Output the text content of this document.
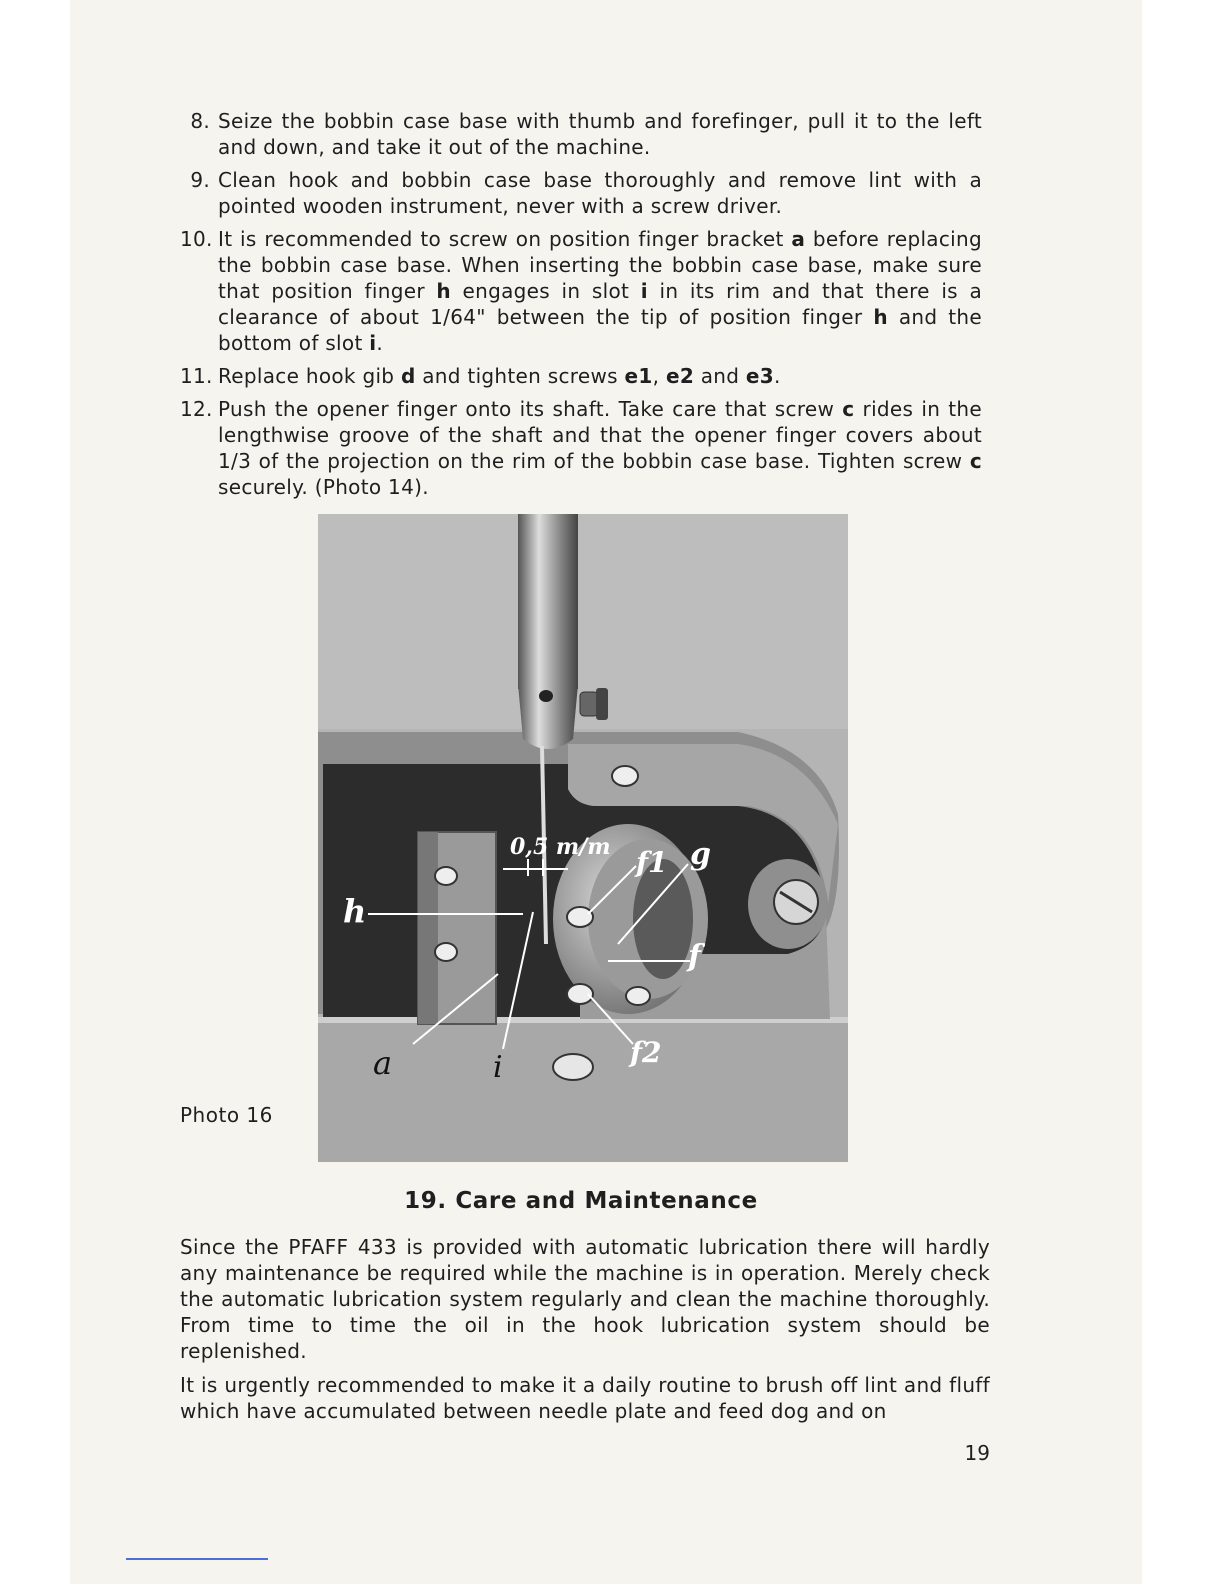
8. Seize the bobbin case base with thumb and forefinger, pull it to the left and down, and take it out of the machine.
9. Clean hook and bobbin case base thoroughly and remove lint with a pointed wooden instrument, never with a screw driver.
10. It is recommended to screw on position finger bracket a before replacing the bobbin case base. When inserting the bobbin case base, make sure that position finger h engages in slot i in its rim and that there is a clearance of about 1/64" between the tip of position finger h and the bottom of slot i.
11. Replace hook gib d and tighten screws e1, e2 and e3.
12. Push the opener finger onto its shaft. Take care that screw c rides in the lengthwise groove of the shaft and that the opener finger covers about 1/3 of the projection on the rim of the bobbin case base. Tighten screw c securely. (Photo 14).
0,5 m/m
h
f1 g
f
f2
a	i
Photo 16
19. Care and Maintenance

Since the PFAFF 433 is provided with automatic lubrication there will hardly any maintenance be required while the machine is in operation. Merely check the automatic lubrication system regularly and clean the machine thoroughly. From time to time the oil in the hook lubrication system should be replenished.

It is urgently recommended to make it a daily routine to brush off lint and fluff which have accumulated between needle plate and feed dog and on

19
